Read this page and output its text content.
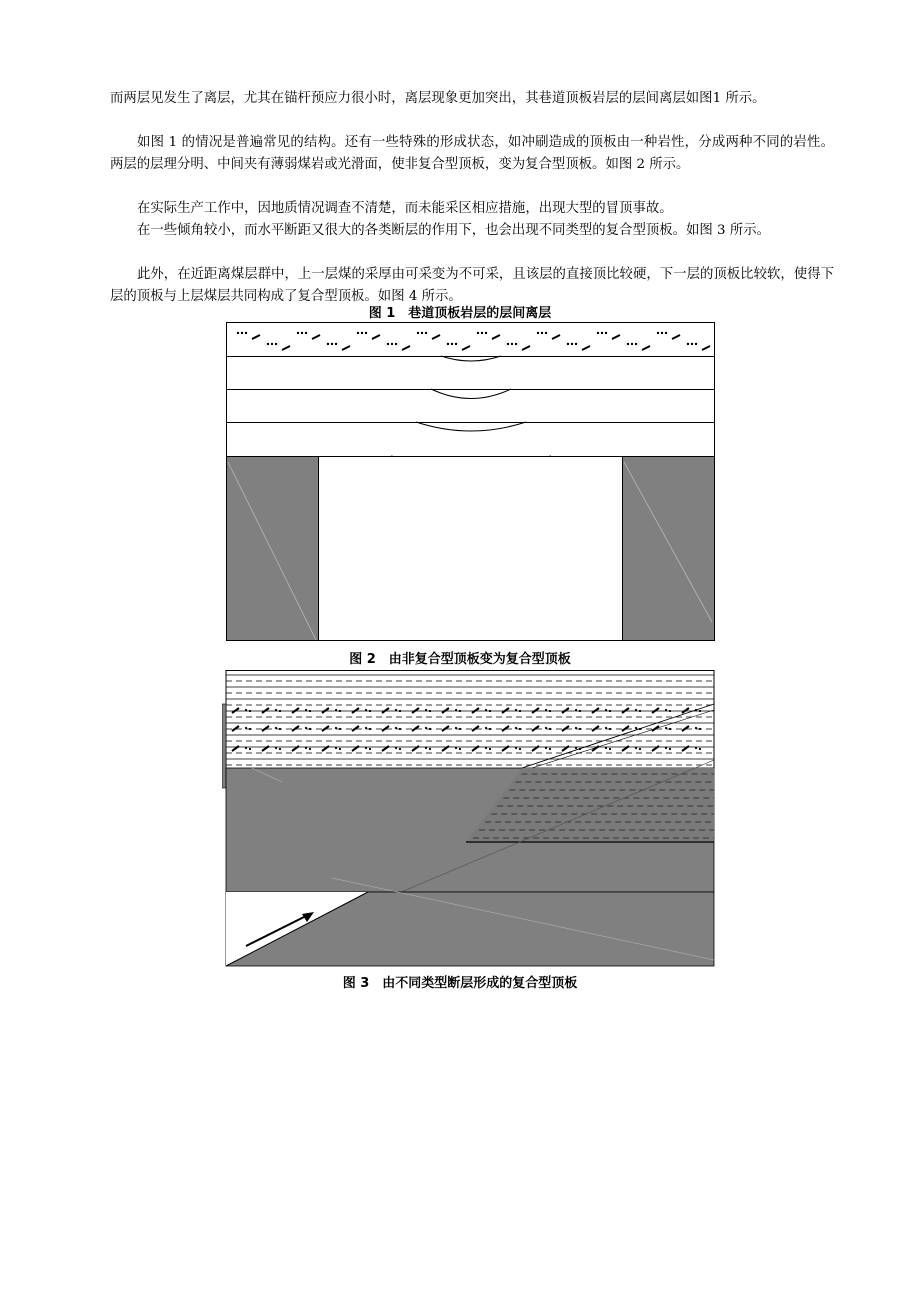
而两层见发生了离层，尤其在锚杆预应力很小时，离层现象更加突出，其巷道顶板岩层的层间离层如图1 所示。

如图 1 的情况是普遍常见的结构。还有一些特殊的形成状态，如冲刷造成的顶板由一种岩性，分成两种不同的岩性。两层的层理分明、中间夹有薄弱煤岩或光滑面，使非复合型顶板，变为复合型顶板。如图 2 所示。

在实际生产工作中，因地质情况调查不清楚，而未能采区相应措施，出现大型的冒顶事故。

在一些倾角较小，而水平断距又很大的各类断层的作用下，也会出现不同类型的复合型顶板。如图 3 所示。

此外，在近距离煤层群中，上一层煤的采厚由可采变为不可采，且该层的直接顶比较硬，下一层的顶板比较软，使得下层的顶板与上层煤层共同构成了复合型顶板。如图 4 所示。

图 1　巷道顶板岩层的层间离层

图 2　由非复合型顶板变为复合型顶板

图 3　由不同类型断层形成的复合型顶板
